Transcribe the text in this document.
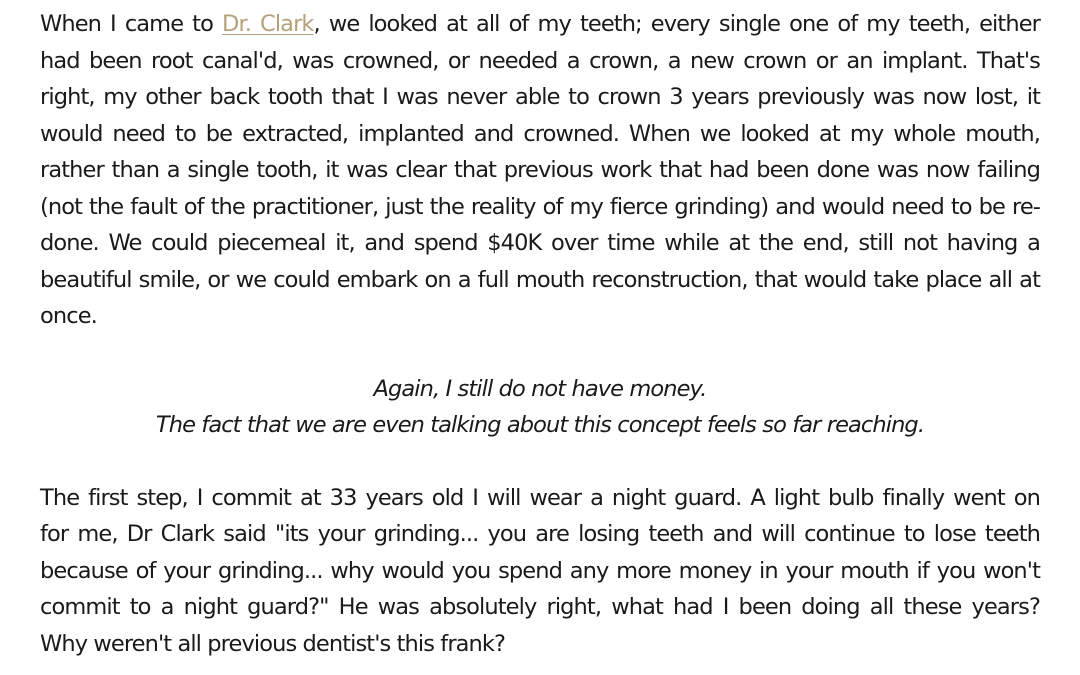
When I came to Dr. Clark, we looked at all of my teeth; every single one of my teeth, either
had been root canal'd, was crowned, or needed a crown, a new crown or an implant. That's
right, my other back tooth that I was never able to crown 3 years previously was now lost, it
would need to be extracted, implanted and crowned. When we looked at my whole mouth,
rather than a single tooth, it was clear that previous work that had been done was now failing
(not the fault of the practitioner, just the reality of my fierce grinding) and would need to be re-
done. We could piecemeal it, and spend $40K over time while at the end, still not having a
beautiful smile, or we could embark on a full mouth reconstruction, that would take place all at
once.

Again, I still do not have money.
The fact that we are even talking about this concept feels so far reaching.

The first step, I commit at 33 years old I will wear a night guard. A light bulb finally went on
for me, Dr Clark said "its your grinding... you are losing teeth and will continue to lose teeth
because of your grinding... why would you spend any more money in your mouth if you won't
commit to a night guard?" He was absolutely right, what had I been doing all these years?
Why weren't all previous dentist's this frank?
